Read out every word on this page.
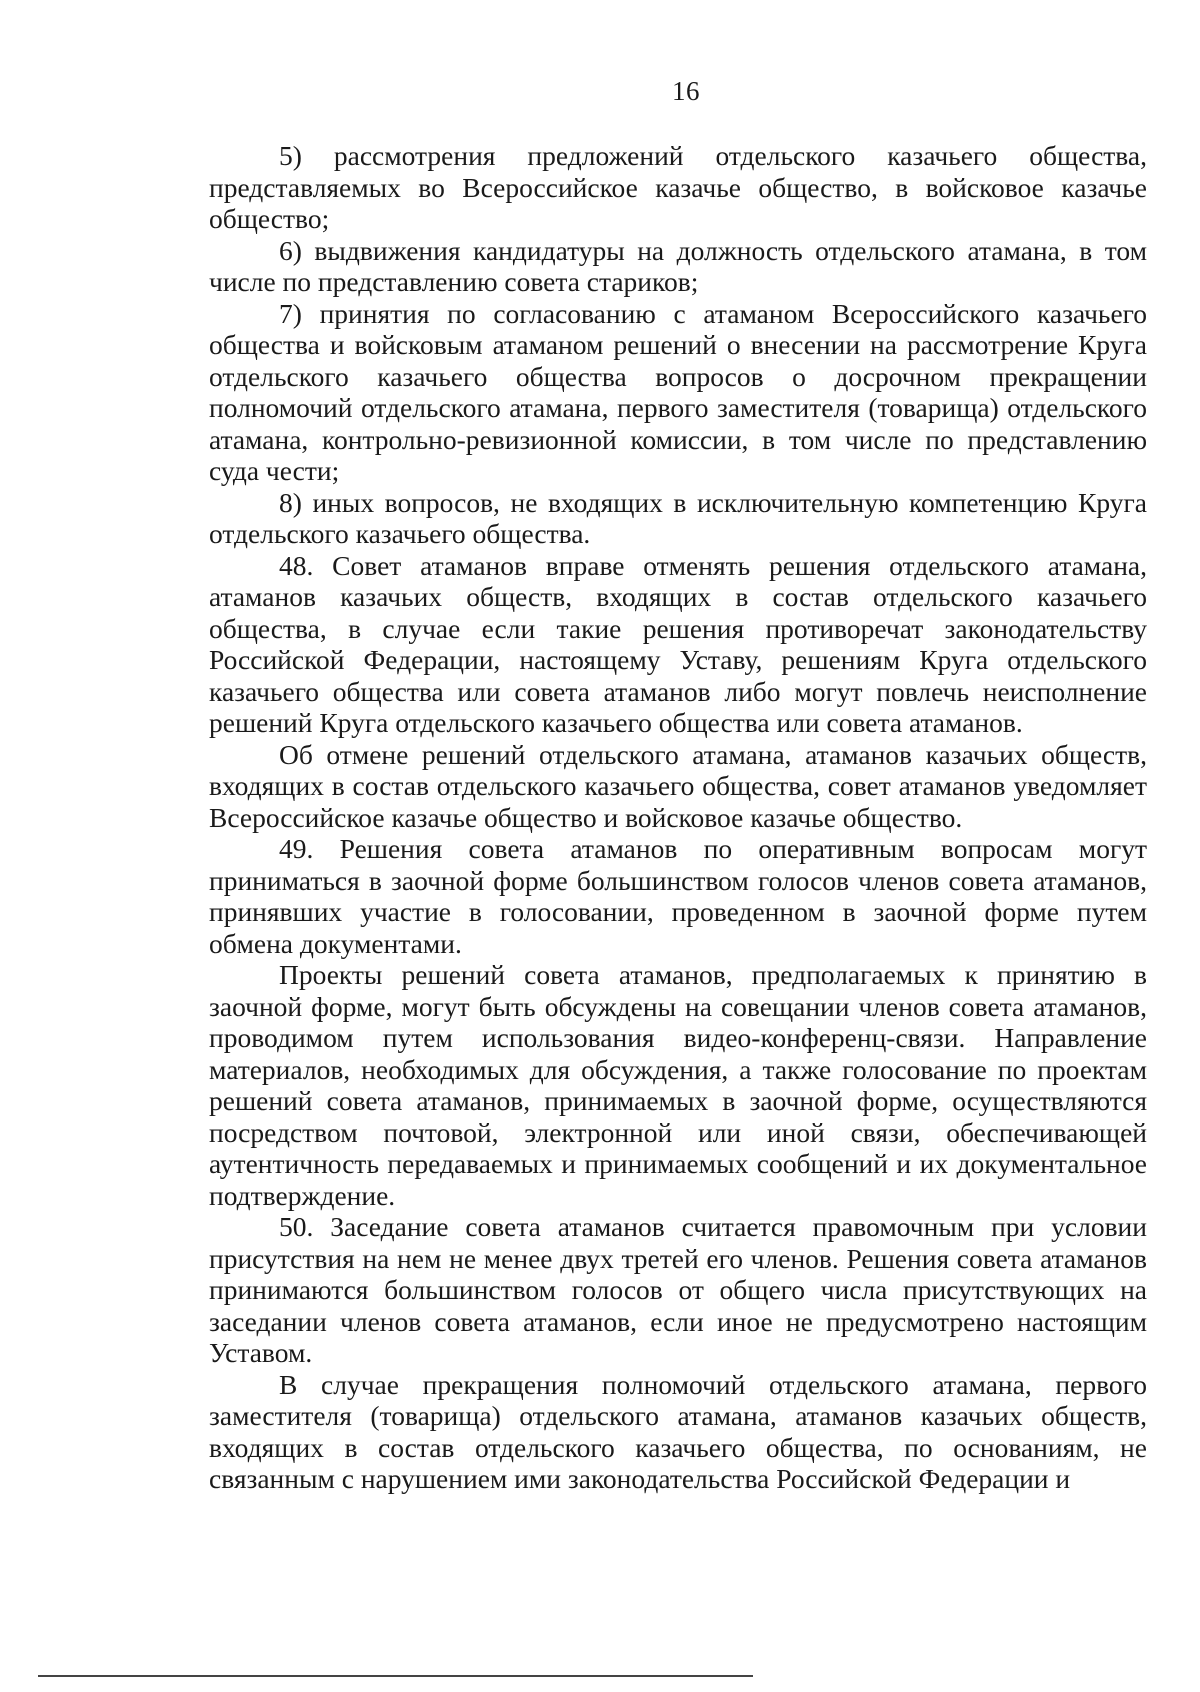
16

5) рассмотрения предложений отдельского казачьего общества, представляемых во Всероссийское казачье общество, в войсковое казачье общество;

6) выдвижения кандидатуры на должность отдельского атамана, в том числе по представлению совета стариков;

7) принятия по согласованию с атаманом Всероссийского казачьего общества и войсковым атаманом решений о внесении на рассмотрение Круга отдельского казачьего общества вопросов о досрочном прекращении полномочий отдельского атамана, первого заместителя (товарища) отдельского атамана, контрольно-ревизионной комиссии, в том числе по представлению суда чести;

8) иных вопросов, не входящих в исключительную компетенцию Круга отдельского казачьего общества.

48. Совет атаманов вправе отменять решения отдельского атамана, атаманов казачьих обществ, входящих в состав отдельского казачьего общества, в случае если такие решения противоречат законодательству Российской Федерации, настоящему Уставу, решениям Круга отдельского казачьего общества или совета атаманов либо могут повлечь неисполнение решений Круга отдельского казачьего общества или совета атаманов.

Об отмене решений отдельского атамана, атаманов казачьих обществ, входящих в состав отдельского казачьего общества, совет атаманов уведомляет Всероссийское казачье общество и войсковое казачье общество.

49. Решения совета атаманов по оперативным вопросам могут приниматься в заочной форме большинством голосов членов совета атаманов, принявших участие в голосовании, проведенном в заочной форме путем обмена документами.

Проекты решений совета атаманов, предполагаемых к принятию в заочной форме, могут быть обсуждены на совещании членов совета атаманов, проводимом путем использования видео-конференц-связи. Направление материалов, необходимых для обсуждения, а также голосование по проектам решений совета атаманов, принимаемых в заочной форме, осуществляются посредством почтовой, электронной или иной связи, обеспечивающей аутентичность передаваемых и принимаемых сообщений и их документальное подтверждение.

50. Заседание совета атаманов считается правомочным при условии присутствия на нем не менее двух третей его членов. Решения совета атаманов принимаются большинством голосов от общего числа присутствующих на заседании членов совета атаманов, если иное не предусмотрено настоящим Уставом.

В случае прекращения полномочий отдельского атамана, первого заместителя (товарища) отдельского атамана, атаманов казачьих обществ, входящих в состав отдельского казачьего общества, по основаниям, не связанным с нарушением ими законодательства Российской Федерации и
